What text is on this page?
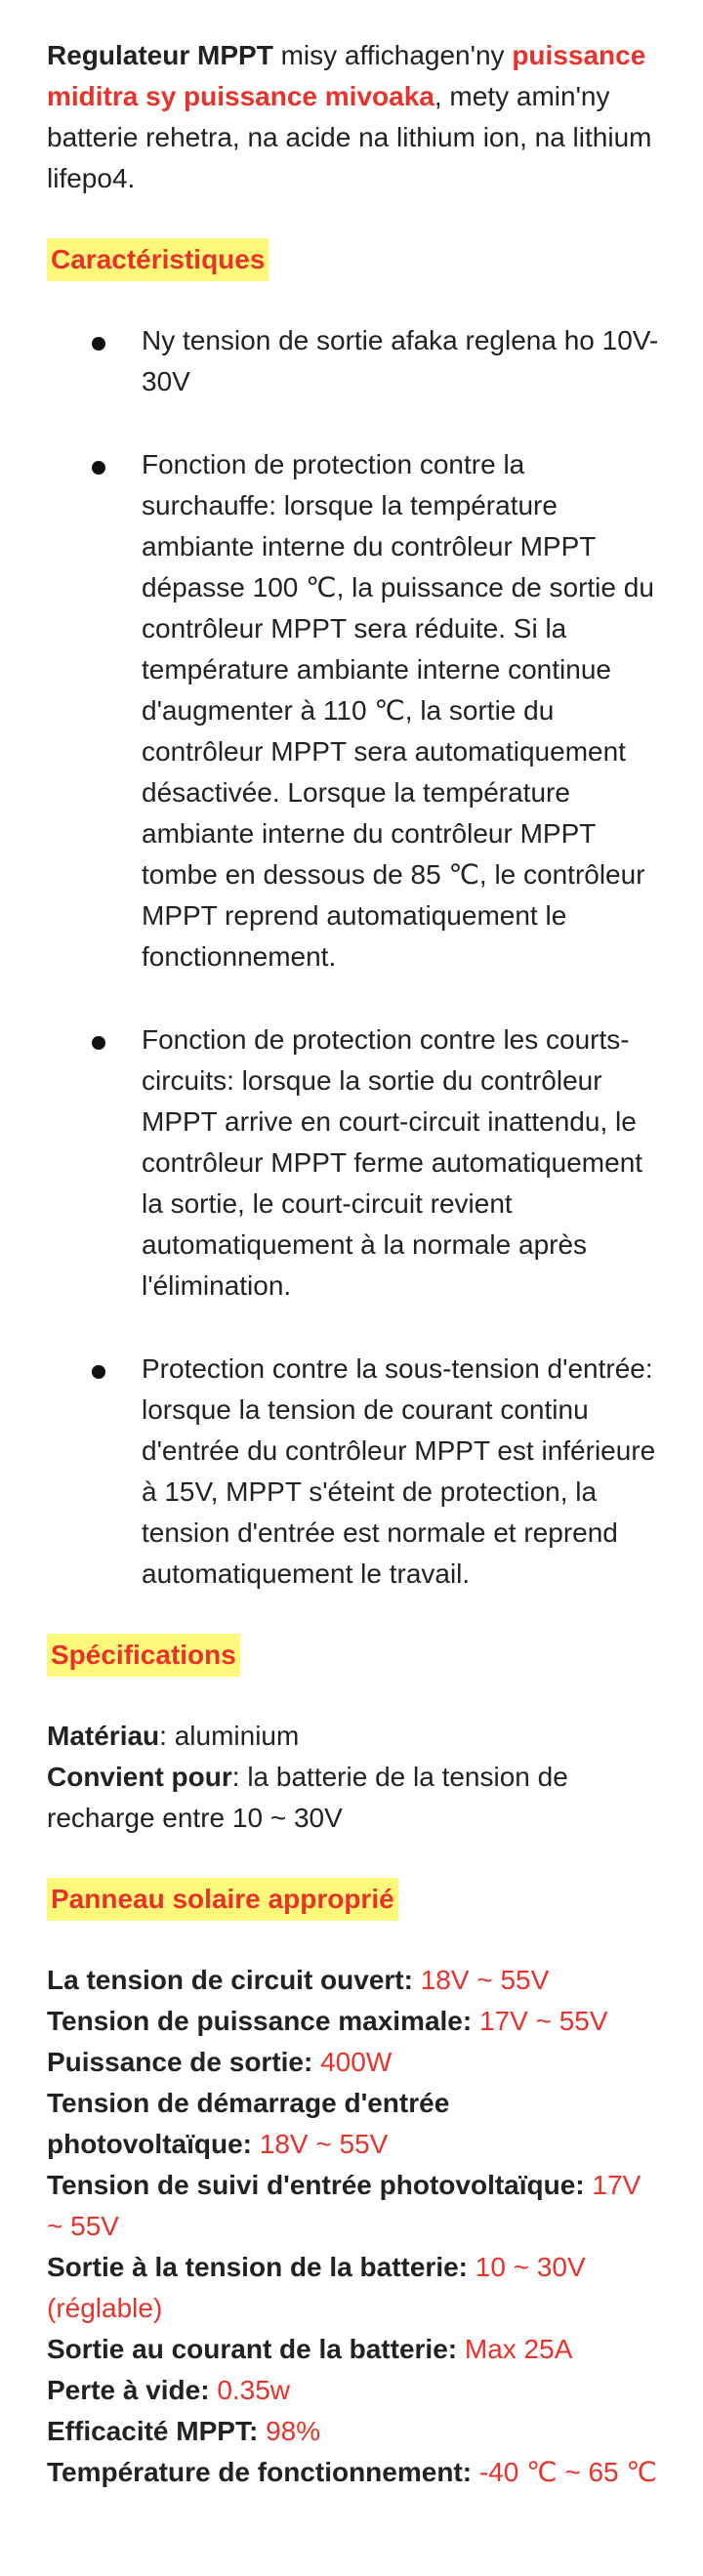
Regulateur MPPT misy affichagen'ny puissance miditra sy puissance mivoaka, mety amin'ny batterie rehetra, na acide na lithium ion, na lithium lifepo4.

Caractéristiques
Ny tension de sortie afaka reglena ho 10V-30V
Fonction de protection contre la surchauffe: lorsque la température ambiante interne du contrôleur MPPT dépasse 100 ℃, la puissance de sortie du contrôleur MPPT sera réduite. Si la température ambiante interne continue d'augmenter à 110 ℃, la sortie du contrôleur MPPT sera automatiquement désactivée. Lorsque la température ambiante interne du contrôleur MPPT tombe en dessous de 85 ℃, le contrôleur MPPT reprend automatiquement le fonctionnement.
Fonction de protection contre les courts-circuits: lorsque la sortie du contrôleur MPPT arrive en court-circuit inattendu, le contrôleur MPPT ferme automatiquement la sortie, le court-circuit revient automatiquement à la normale après l'élimination.
Protection contre la sous-tension d'entrée: lorsque la tension de courant continu d'entrée du contrôleur MPPT est inférieure à 15V, MPPT s'éteint de protection, la tension d'entrée est normale et reprend automatiquement le travail.
Spécifications

Matériau: aluminium

Convient pour: la batterie de la tension de recharge entre 10 ~ 30V

Panneau solaire approprié

La tension de circuit ouvert: 18V ~ 55V

Tension de puissance maximale: 17V ~ 55V

Puissance de sortie: 400W

Tension de démarrage d'entrée photovoltaïque: 18V ~ 55V

Tension de suivi d'entrée photovoltaïque: 17V ~ 55V

Sortie à la tension de la batterie: 10 ~ 30V (réglable)

Sortie au courant de la batterie: Max 25A

Perte à vide: 0.35w

Efficacité MPPT: 98%

Température de fonctionnement: -40 ℃ ~ 65 ℃
